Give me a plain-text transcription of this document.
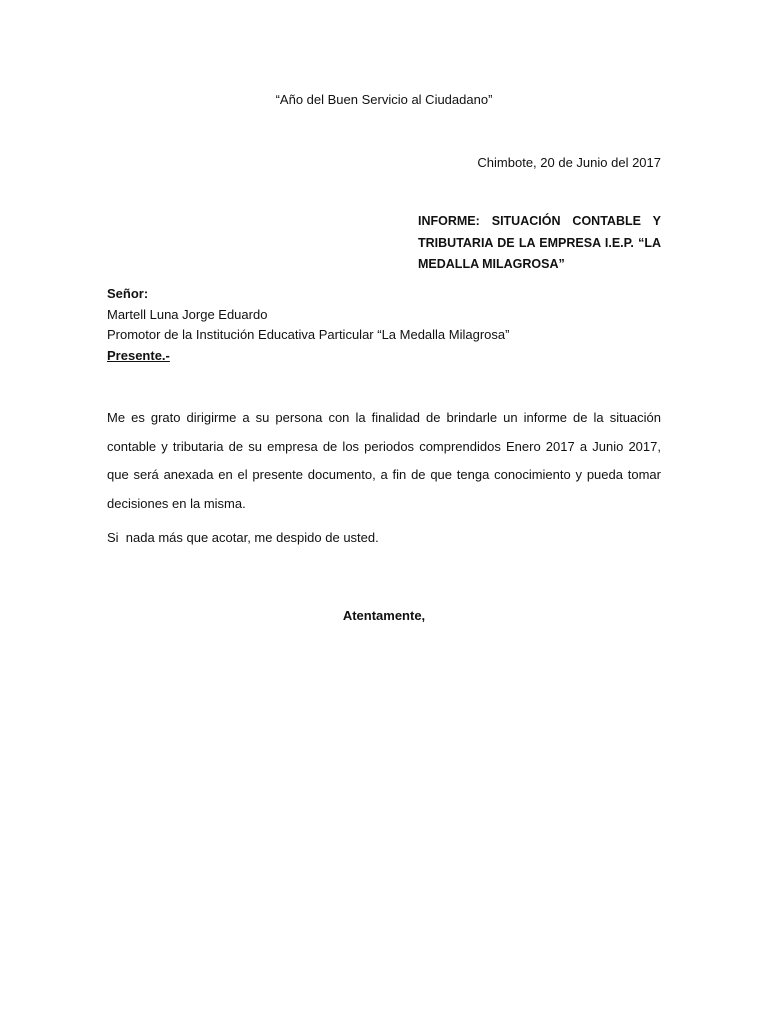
“Año del Buen Servicio al Ciudadano”
Chimbote, 20 de Junio del 2017
INFORME: SITUACIÓN CONTABLE Y TRIBUTARIA DE LA EMPRESA I.E.P. “LA MEDALLA MILAGROSA”
Señor:
Martell Luna Jorge Eduardo
Promotor de la Institución Educativa Particular “La Medalla Milagrosa”
Presente.-
Me es grato dirigirme a su persona con la finalidad de brindarle un informe de la situación contable y tributaria de su empresa de los periodos comprendidos Enero 2017 a Junio 2017, que será anexada en el presente documento, a fin de que tenga conocimiento y pueda tomar decisiones en la misma.
Si  nada más que acotar, me despido de usted.
Atentamente,
